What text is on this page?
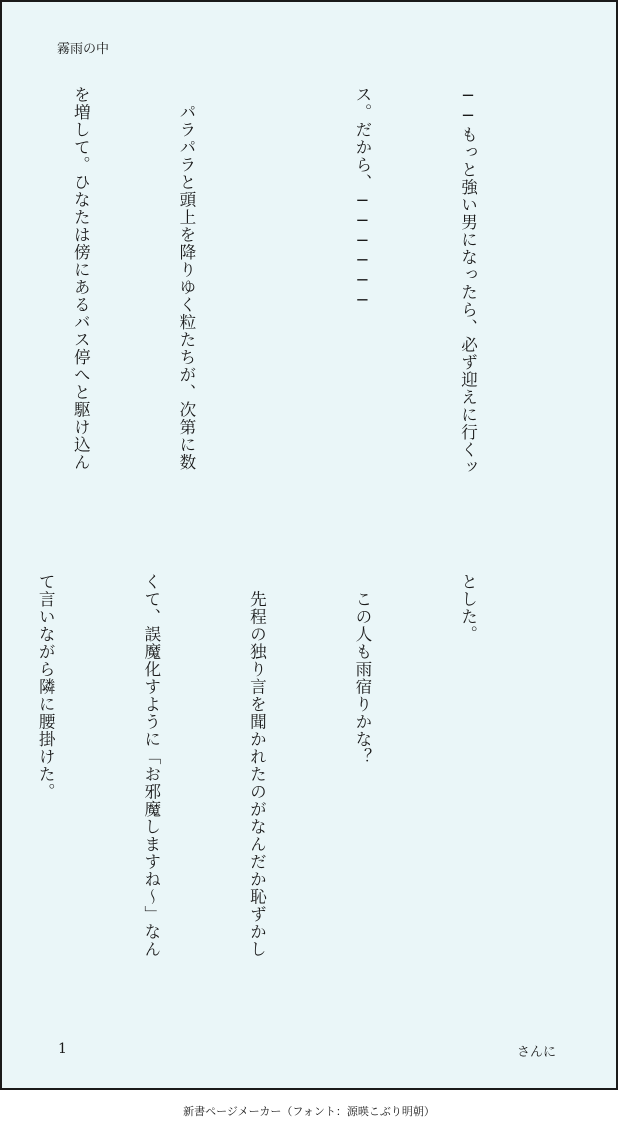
霧雨の中

──もっと強い男になったら、必ず迎えに行くッ

ス。だから、──────

　パラパラと頭上を降りゆく粒たちが、次第に数

を増して。ひなたは傍にあるバス停へと駆け込ん

とした。

　この人も雨宿りかな？

　先程の独り言を聞かれたのがなんだか恥ずかし

くて、誤魔化すように「お邪魔しますね〜」なん

て言いながら隣に腰掛けた。

1	さんに
新書ページメーカー（フォント：源暎こぶり明朝）
